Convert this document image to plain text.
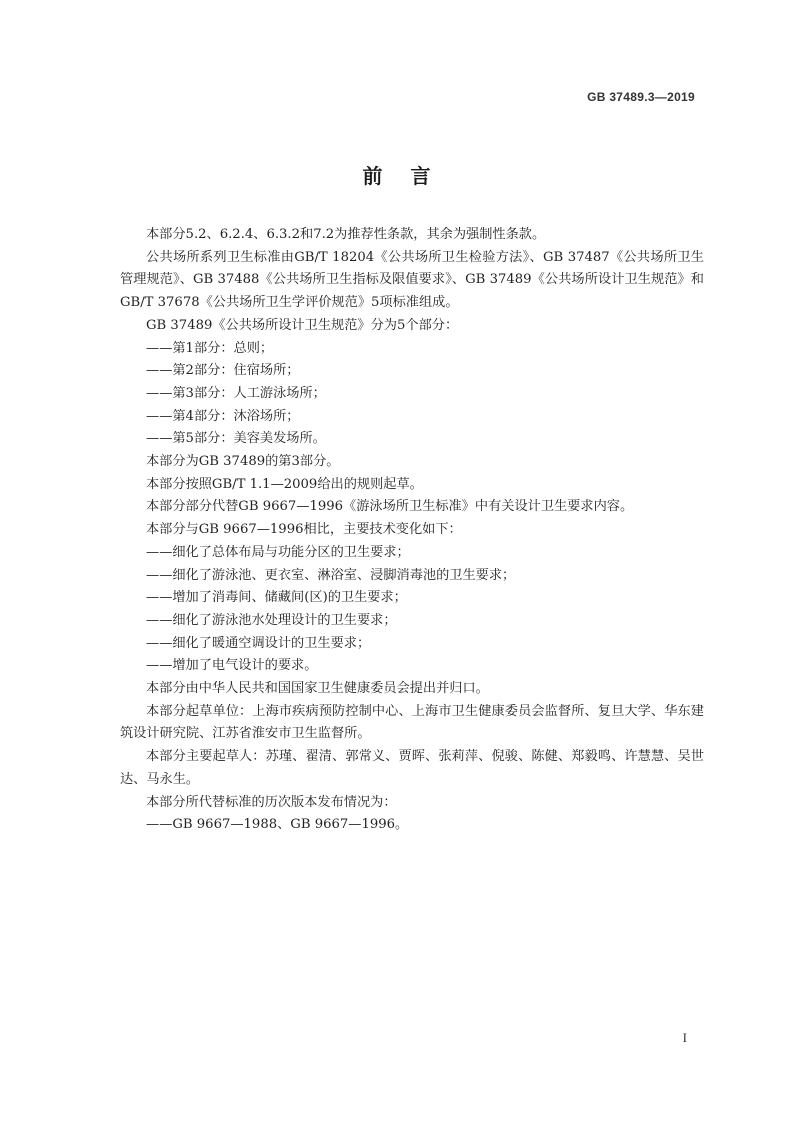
GB 37489.3—2019
前言

本部分5.2、6.2.4、6.3.2和7.2为推荐性条款，其余为强制性条款。

公共场所系列卫生标准由GB/T 18204《公共场所卫生检验方法》、GB 37487《公共场所卫生管理规范》、GB 37488《公共场所卫生指标及限值要求》、GB 37489《公共场所设计卫生规范》和GB/T 37678《公共场所卫生学评价规范》5项标准组成。

GB 37489《公共场所设计卫生规范》分为5个部分：

——第1部分：总则；

——第2部分：住宿场所；

——第3部分：人工游泳场所；

——第4部分：沐浴场所；

——第5部分：美容美发场所。

本部分为GB 37489的第3部分。

本部分按照GB/T 1.1—2009给出的规则起草。

本部分部分代替GB 9667—1996《游泳场所卫生标准》中有关设计卫生要求内容。

本部分与GB 9667—1996相比，主要技术变化如下：

——细化了总体布局与功能分区的卫生要求；

——细化了游泳池、更衣室、淋浴室、浸脚消毒池的卫生要求；

——增加了消毒间、储藏间(区)的卫生要求；

——细化了游泳池水处理设计的卫生要求；

——细化了暖通空调设计的卫生要求；

——增加了电气设计的要求。

本部分由中华人民共和国国家卫生健康委员会提出并归口。

本部分起草单位：上海市疾病预防控制中心、上海市卫生健康委员会监督所、复旦大学、华东建筑设计研究院、江苏省淮安市卫生监督所。

本部分主要起草人：苏瑾、翟清、郭常义、贾晖、张莉萍、倪骏、陈健、郑毅鸣、许慧慧、吴世达、马永生。

本部分所代替标准的历次版本发布情况为：

——GB 9667—1988、GB 9667—1996。

I
